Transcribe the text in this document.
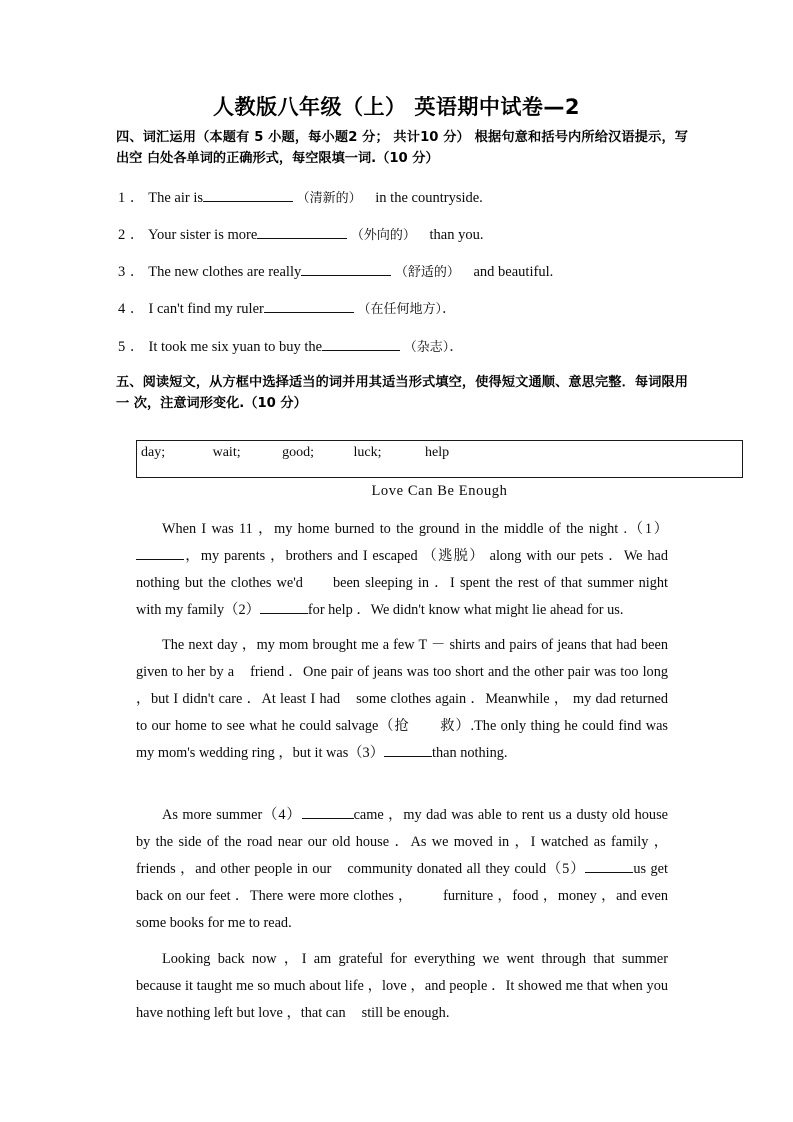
人教版八年级（上） 英语期中试卷—2
四、词汇运用（本题有 5 小题，每小题2 分； 共计10 分） 根据句意和括号内所给汉语提示，写出空 白处各单词的正确形式，每空限填一词.（10 分）
1 ． The air is	（清新的） in the countryside.
2 ． Your sister is more	（外向的） than you.
3 ． The new clothes are really	（舒适的） and beautiful.
4 ． I can't find my ruler	（在任何地方）．
5 ． It took me six yuan to buy the	（杂志）．
五、阅读短文，从方框中选择适当的词并用其适当形式填空，使得短文通顺、意思完整．每词限用一 次，注意词形变化.（10 分）
day;	wait;	good;	luck;	help
Love Can Be Enough
When I was 11 ，my home burned to the ground in the middle of the night .（1），my parents ，brothers and I escaped （逃脱） along with our pets ．We had nothing but the clothes we'd been sleeping in ．I spent the rest of that summer night with my family（2）	for help ．We didn't know what might lie ahead for us.
The next day ，my mom brought me a few T － shirts and pairs of jeans that had been given to her by a friend ．One pair of jeans was too short and the other pair was too long ，but I didn't care ．At least I had some clothes again ．Meanwhile ， my dad returned to our home to see what he could salvage（抢 救）.The only thing he could find was my mom's wedding ring ，but it was（3）	than nothing.
As more summer（4）	came ，my dad was able to rent us a dusty old house by the side of the road near our old house ．As we moved in ，I watched as family ，friends ，and other people in our community donated all they could（5）	us get back on our feet ．There were more clothes ， furniture ，food ，money ，and even some books for me to read.
Looking back now ，I am grateful for everything we went through that summer because it taught me so much about life ，love ，and people ．It showed me that when you have nothing left but love ，that can still be enough.
